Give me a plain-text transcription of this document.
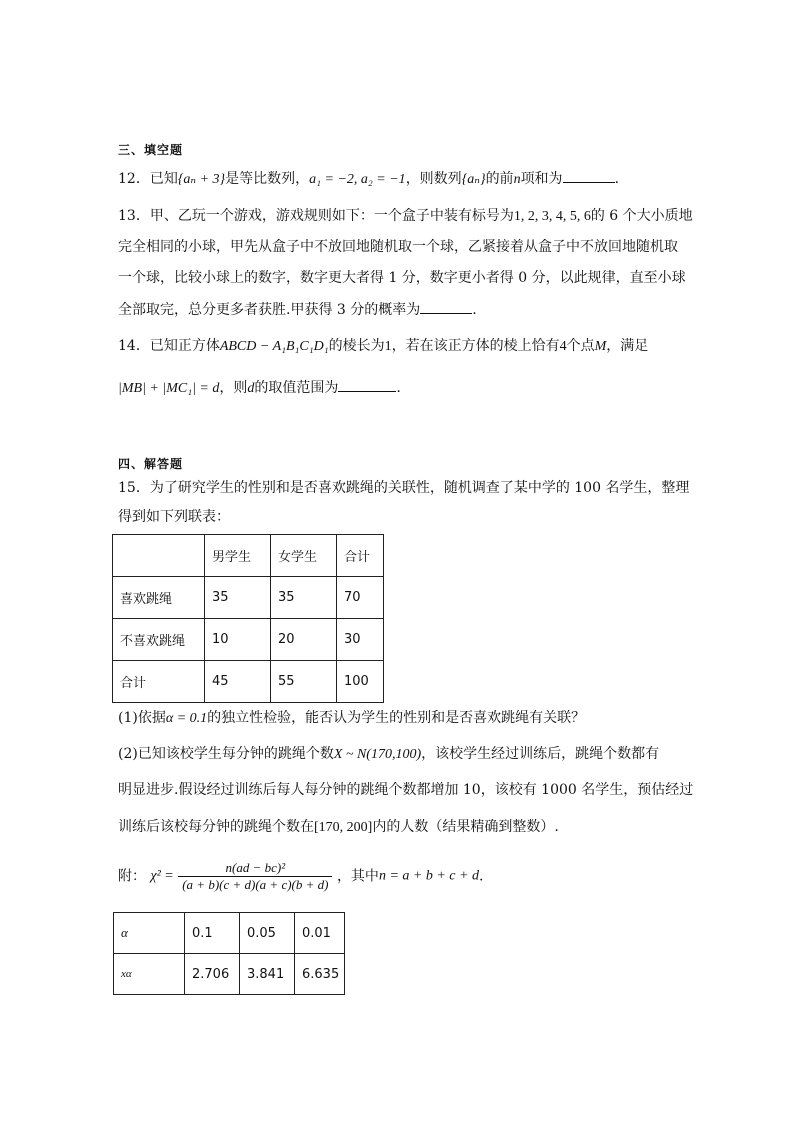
三、填空题
12．已知{aₙ + 3}是等比数列，a₁ = −2, a₂ = −1，则数列{aₙ}的前n项和为	.
13．甲、乙玩一个游戏，游戏规则如下：一个盒子中装有标号为1, 2, 3, 4, 5, 6的 6 个大小质地
完全相同的小球，甲先从盒子中不放回地随机取一个球，乙紧接着从盒子中不放回地随机取
一个球，比较小球上的数字，数字更大者得 1 分，数字更小者得 0 分，以此规律，直至小球
全部取完，总分更多者获胜.甲获得 3 分的概率为	.
14．已知正方体ABCD − A₁B₁C₁D₁的棱长为1，若在该正方体的棱上恰有4个点M，满足
|MB| + |MC₁| = d，则d的取值范围为	.
四、解答题
15．为了研究学生的性别和是否喜欢跳绳的关联性，随机调查了某中学的 100 名学生，整理
得到如下列联表：
	男学生	女学生	合计
喜欢跳绳	35	35	70
不喜欢跳绳	10	20	30
合计	45	55	100
(1)依据α = 0.1的独立性检验，能否认为学生的性别和是否喜欢跳绳有关联？
(2)已知该校学生每分钟的跳绳个数X ~ N(170,100)，该校学生经过训练后，跳绳个数都有
明显进步.假设经过训练后每人每分钟的跳绳个数都增加 10，该校有 1000 名学生，预估经过
训练后该校每分钟的跳绳个数在[170, 200]内的人数（结果精确到整数）.
附： $\chi^2 = \frac{\text{n(ad − bc)²}}{(a + b)(c + d)(a + c)(b + d)}$ ，其中n = a + b + c + d.
α	0.1	0.05	0.01
xα	2.706	3.841	6.635
